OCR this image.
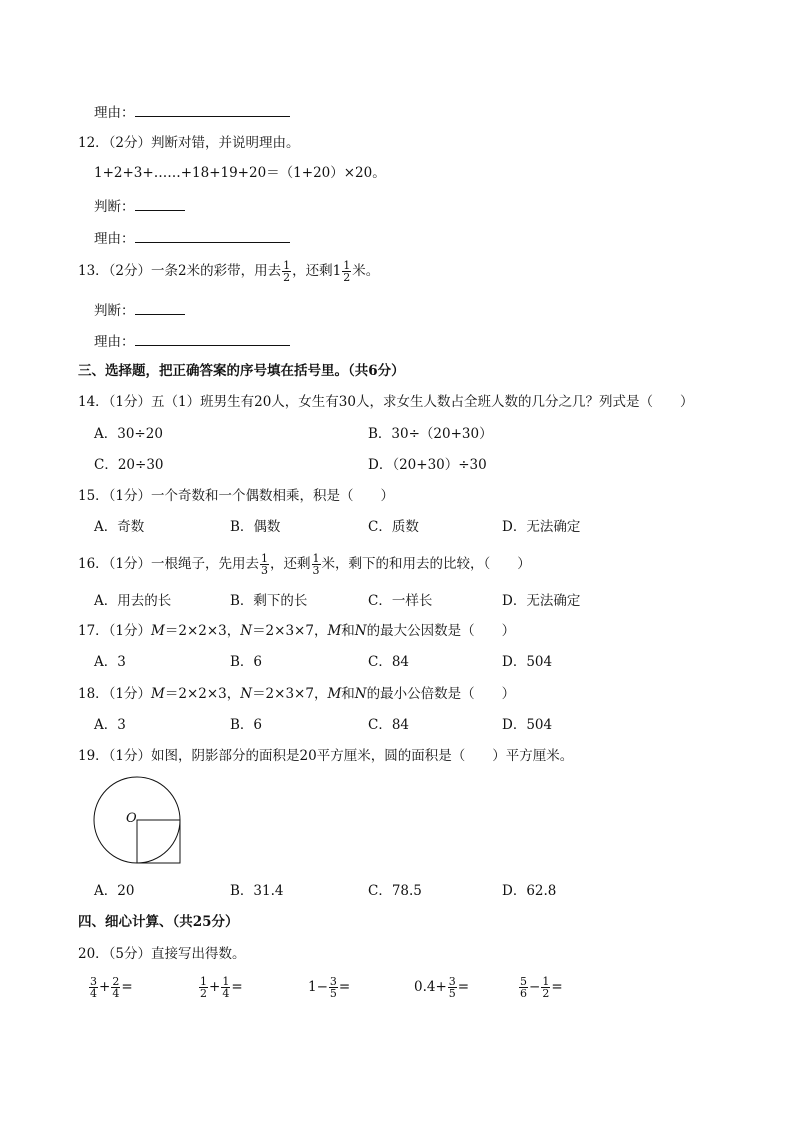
理由：
12．（2分）判断对错，并说明理由。
1+2+3+……+18+19+20＝（1+20）×20。
判断：
理由：
13．（2分）一条2米的彩带，用去 $\frac{1}{2}$ ，还剩$1 \frac{1}{2}$ 米。
判断：
理由：
三、选择题，把正确答案的序号填在括号里。（共6分）
14．（1分）五（1）班男生有20人，女生有30人，求女生人数占全班人数的几分之几？列式是（　　）
A．30÷20	B．30÷（20+30）
C．20÷30	D．（20+30）÷30
15．（1分）一个奇数和一个偶数相乘，积是（　　）
A．奇数	B．偶数	C．质数	D．无法确定
16．（1分）一根绳子，先用去 $\frac{1}{3}$ ，还剩 $\frac{1}{3}$ 米，剩下的和用去的比较，（　　）
A．用去的长	B．剩下的长	C．一样长	D．无法确定
17．（1分）M＝2×2×3，N＝2×3×7，M和N的最大公因数是（　　）
A．3	B．6	C．84	D．504
18．（1分）M＝2×2×3，N＝2×3×7，M和N的最小公倍数是（　　）
A．3	B．6	C．84	D．504
19．（1分）如图，阴影部分的面积是20平方厘米，圆的面积是（　　）平方厘米。
O
A．20	B．31.4	C．78.5	D．62.8
四、细心计算、（共25分）
20．（5分）直接写出得数。
$\frac{3}{4} + \frac{2}{4}$ =	$\frac{1}{2} + \frac{1}{4}$ =	$1- \frac{3}{5}$ =	$0.4+ \frac{3}{5}$ =	$\frac{5}{6} - \frac{1}{2}$ =
